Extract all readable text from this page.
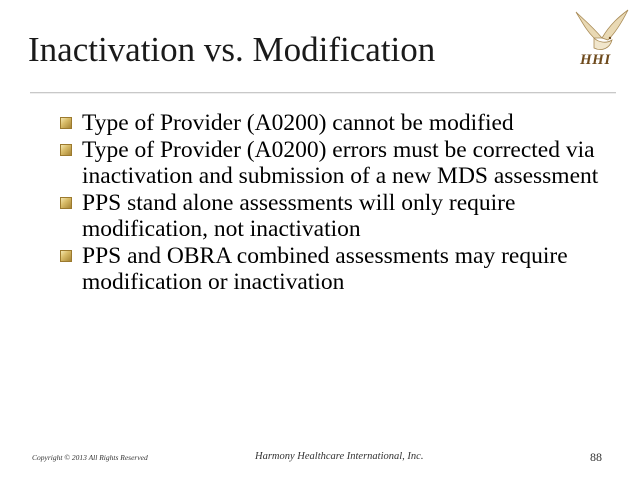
Inactivation vs. Modification	HHI
Type of Provider (A0200) cannot be modified
Type of Provider (A0200) errors must be corrected via inactivation and submission of a new MDS assessment
PPS stand alone assessments will only require modification, not inactivation
PPS and OBRA combined assessments may require modification or inactivation
Copyright © 2013 All Rights Reserved	Harmony Healthcare International, Inc.	88
